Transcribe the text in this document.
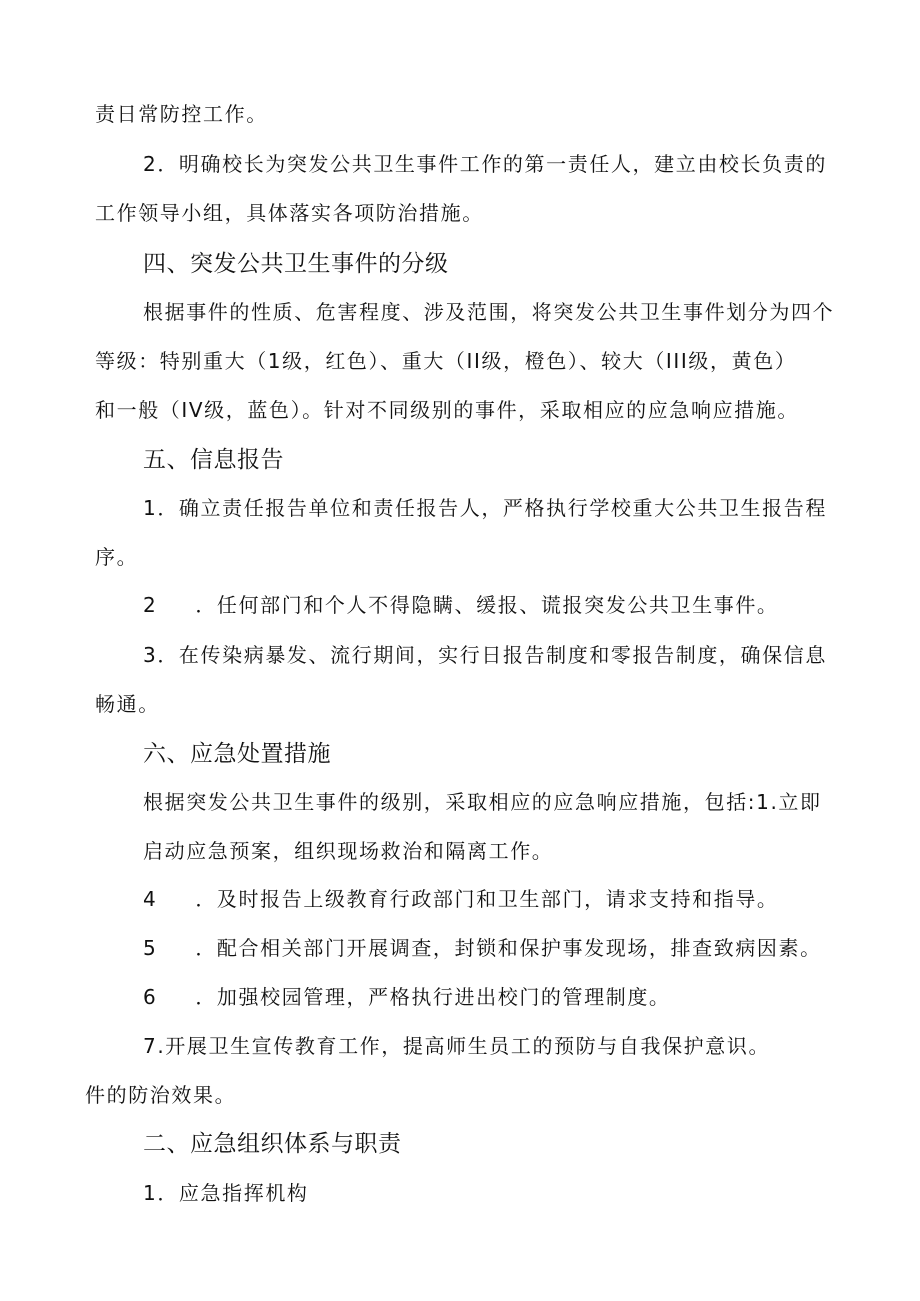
责日常防控工作。
2．明确校长为突发公共卫生事件工作的第一责任人，建立由校长负责的
工作领导小组，具体落实各项防治措施。
四、突发公共卫生事件的分级
根据事件的性质、危害程度、涉及范围，将突发公共卫生事件划分为四个
等级：特别重大（1级，红色）、重大（II级，橙色）、较大（III级，黄色）
和一般（IV级，蓝色）。针对不同级别的事件，采取相应的应急响应措施。
五、信息报告
1．确立责任报告单位和责任报告人，严格执行学校重大公共卫生报告程
序。
2 ．任何部门和个人不得隐瞒、缓报、谎报突发公共卫生事件。
3．在传染病暴发、流行期间，实行日报告制度和零报告制度，确保信息
畅通。
六、应急处置措施
根据突发公共卫生事件的级别，采取相应的应急响应措施，包括:1.立即
启动应急预案，组织现场救治和隔离工作。
4 ．及时报告上级教育行政部门和卫生部门，请求支持和指导。
5 ．配合相关部门开展调查，封锁和保护事发现场，排查致病因素。
6 ．加强校园管理，严格执行进出校门的管理制度。
7.开展卫生宣传教育工作，提高师生员工的预防与自我保护意识。
件的防治效果。
二、应急组织体系与职责
1．应急指挥机构
